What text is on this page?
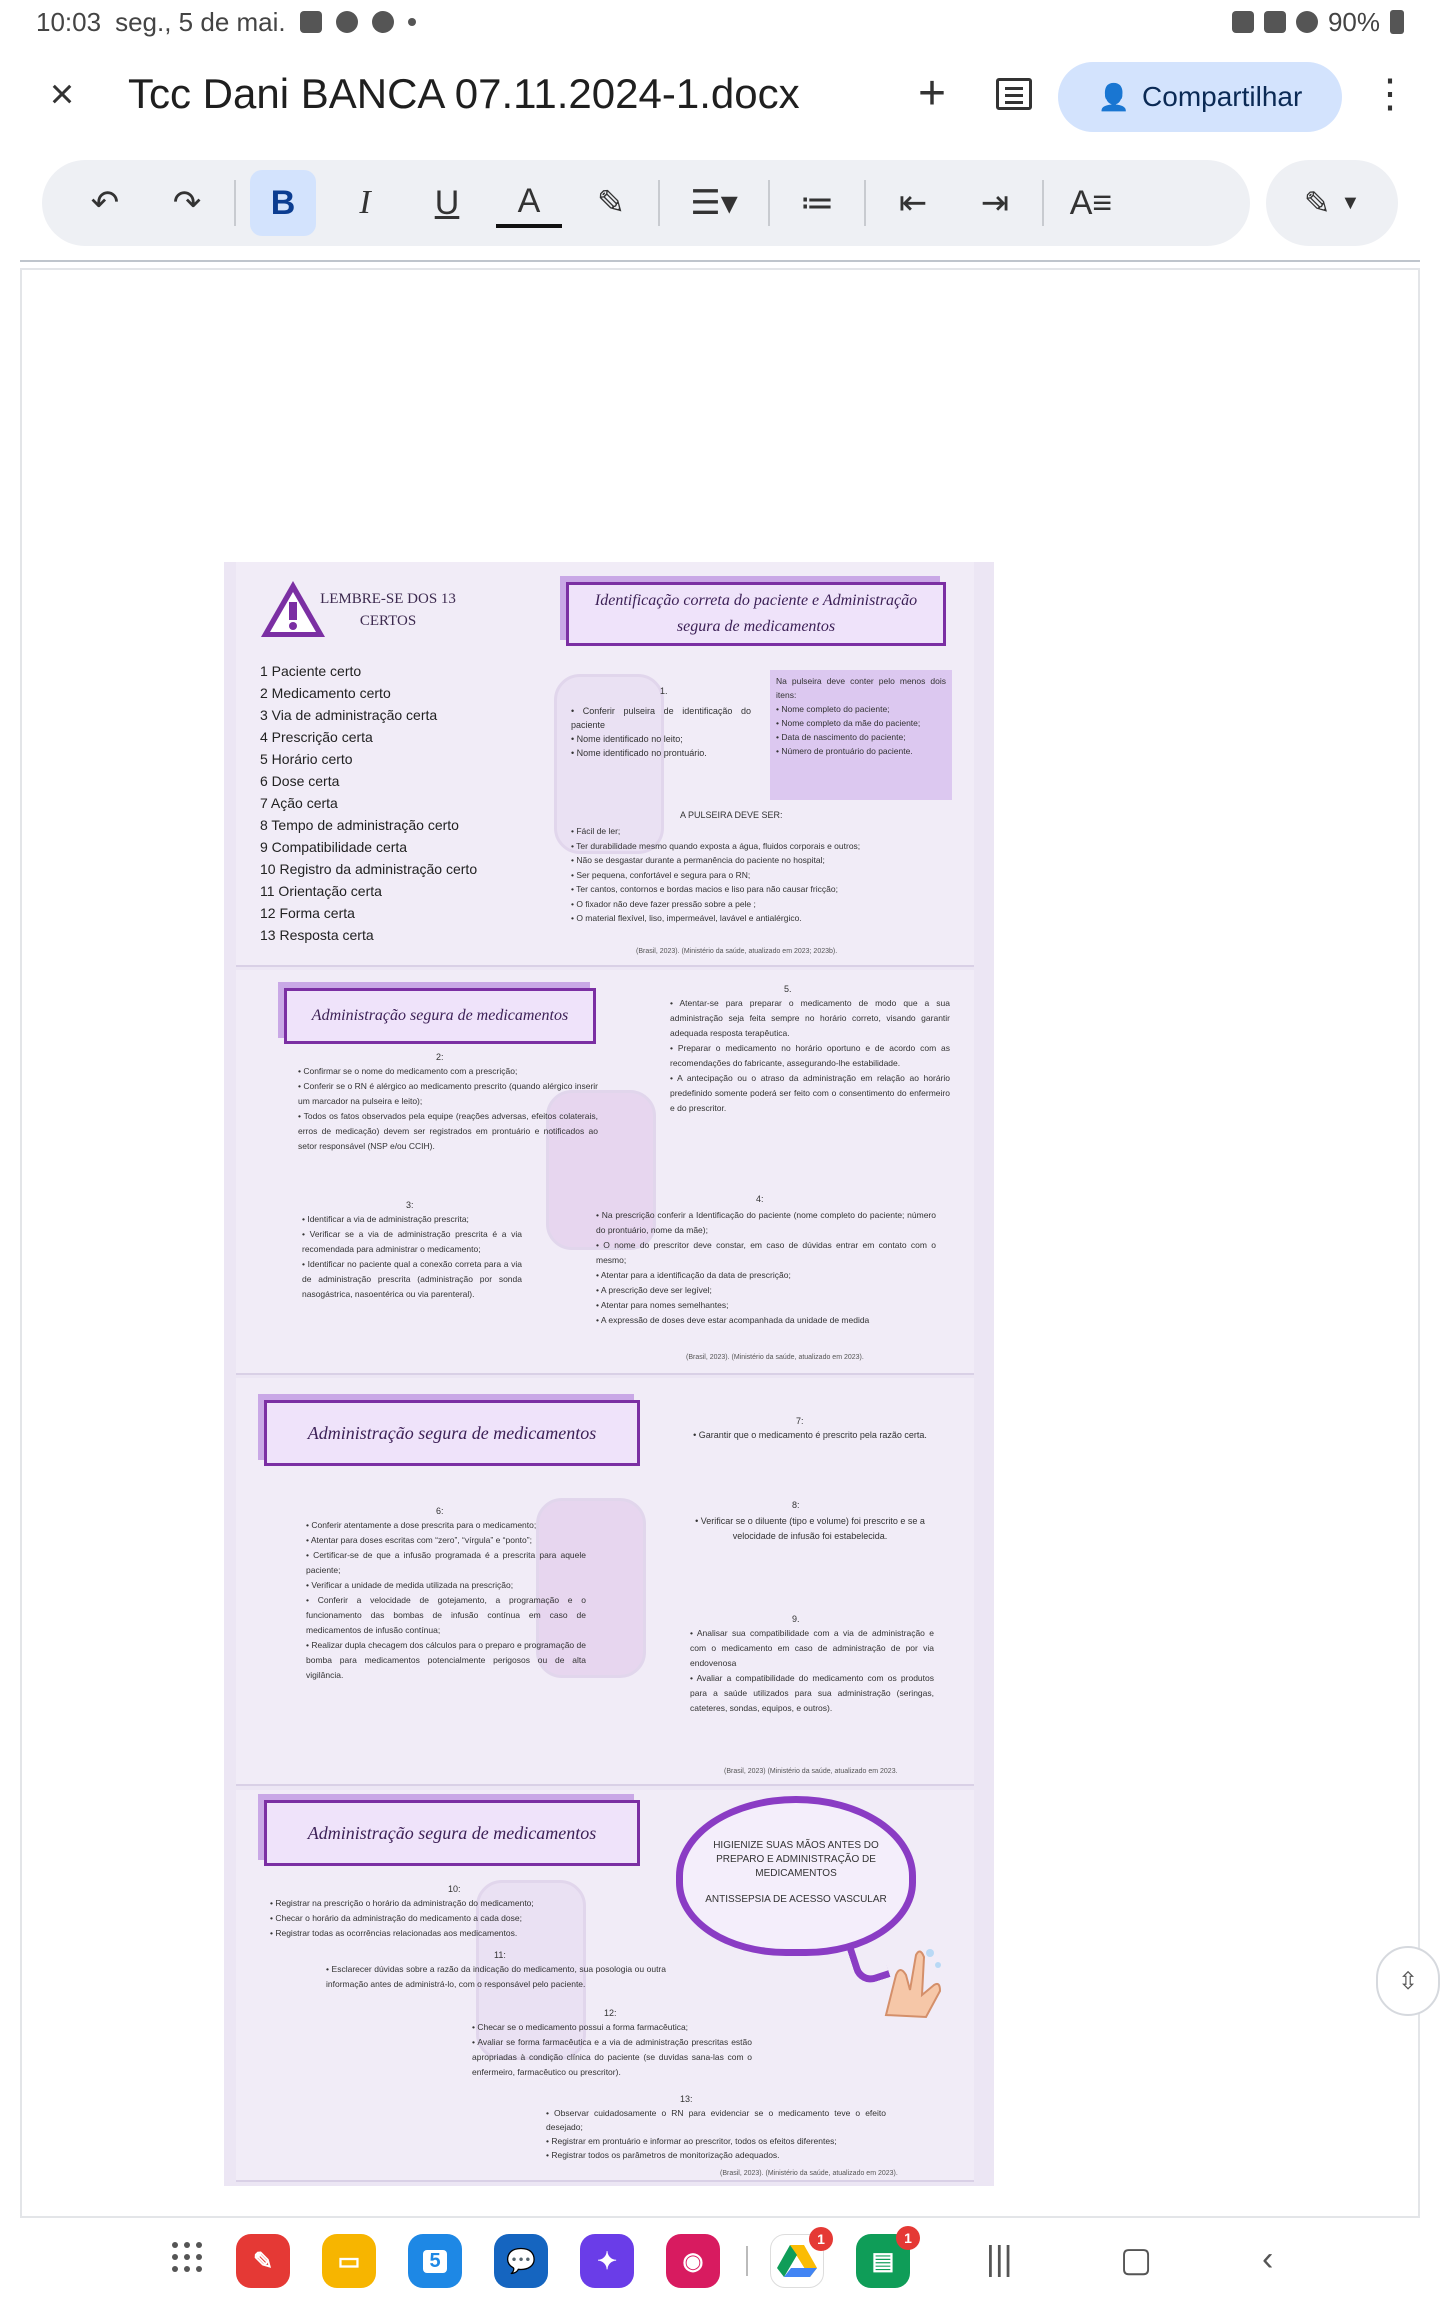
10:03 seg., 5 de mai.	90%
× Tcc Dani BANCA 07.11.2024-1.docx +	👤 Compartilhar ⋮
↶	↷	B	I	U	A	✎	☰▾	≔	⇤	⇥	A≡	✎ ▼
LEMBRE-SE DOS 13
CERTOS
Identificação correta do paciente e Administração segura de medicamentos
1 Paciente certo
2 Medicamento certo
3 Via de administração certa
4 Prescrição certa
5 Horário certo
6 Dose certa
7 Ação certa
8 Tempo de administração certo
9 Compatibilidade certa
10 Registro da administração certo
11 Orientação certa
12 Forma certa
13 Resposta certa
1.
• Conferir pulseira de identificação do paciente
• Nome identificado no leito;
• Nome identificado no prontuário.
Na pulseira deve conter pelo menos dois itens:
• Nome completo do paciente;
• Nome completo da mãe do paciente;
• Data de nascimento do paciente;
• Número de prontuário do paciente.
A PULSEIRA DEVE SER:
• Fácil de ler;
• Ter durabilidade mesmo quando exposta a água, fluidos corporais e outros;
• Não se desgastar durante a permanência do paciente no hospital;
• Ser pequena, confortável e segura para o RN;
• Ter cantos, contornos e bordas macios e liso para não causar fricção;
• O fixador não deve fazer pressão sobre a pele ;
• O material flexível, liso, impermeável, lavável e antialérgico.
(Brasil, 2023). (Ministério da saúde, atualizado em 2023; 2023b).
Administração segura de medicamentos
2:
• Confirmar se o nome do medicamento com a prescrição;
• Conferir se o RN é alérgico ao medicamento prescrito (quando alérgico inserir um marcador na pulseira e leito);
• Todos os fatos observados pela equipe (reações adversas, efeitos colaterais, erros de medicação) devem ser registrados em prontuário e notificados ao setor responsável (NSP e/ou CCIH).
3:
• Identificar a via de administração prescrita;
• Verificar se a via de administração prescrita é a via recomendada para administrar o medicamento;
• Identificar no paciente qual a conexão correta para a via de administração prescrita (administração por sonda nasogástrica, nasoentérica ou via parenteral).
5.
• Atentar-se para preparar o medicamento de modo que a sua administração seja feita sempre no horário correto, visando garantir adequada resposta terapêutica.
• Preparar o medicamento no horário oportuno e de acordo com as recomendações do fabricante, assegurando-lhe estabilidade.
• A antecipação ou o atraso da administração em relação ao horário predefinido somente poderá ser feito com o consentimento do enfermeiro e do prescritor.
4:
• Na prescrição conferir a Identificação do paciente (nome completo do paciente; número do prontuário, nome da mãe);
• O nome do prescritor deve constar, em caso de dúvidas entrar em contato com o mesmo;
• Atentar para a identificação da data de prescrição;
• A prescrição deve ser legível;
• Atentar para nomes semelhantes;
• A expressão de doses deve estar acompanhada da unidade de medida
(Brasil, 2023). (Ministério da saúde, atualizado em 2023).
Administração segura de medicamentos
7:
• Garantir que o medicamento é prescrito pela razão certa.
6:
• Conferir atentamente a dose prescrita para o medicamento;
• Atentar para doses escritas com “zero”, “vírgula” e “ponto”;
• Certificar-se de que a infusão programada é a prescrita para aquele paciente;
• Verificar a unidade de medida utilizada na prescrição;
• Conferir a velocidade de gotejamento, a programação e o funcionamento das bombas de infusão contínua em caso de medicamentos de infusão contínua;
• Realizar dupla checagem dos cálculos para o preparo e programação de bomba para medicamentos potencialmente perigosos ou de alta vigilância.
8:
• Verificar se o diluente (tipo e volume) foi prescrito e se a velocidade de infusão foi estabelecida.
9.
• Analisar sua compatibilidade com a via de administração e com o medicamento em caso de administração de por via endovenosa
• Avaliar a compatibilidade do medicamento com os produtos para a saúde utilizados para sua administração (seringas, cateteres, sondas, equipos, e outros).
(Brasil, 2023) (Ministério da saúde, atualizado em 2023.
Administração segura de medicamentos
HIGIENIZE SUAS MÃOS ANTES DO PREPARO E ADMINISTRAÇÃO DE MEDICAMENTOS
ANTISSEPSIA DE ACESSO VASCULAR
10:
• Registrar na prescrição o horário da administração do medicamento;
• Checar o horário da administração do medicamento a cada dose;
• Registrar todas as ocorrências relacionadas aos medicamentos.
11:
• Esclarecer dúvidas sobre a razão da indicação do medicamento, sua posologia ou outra informação antes de administrá-lo, com o responsável pelo paciente.
12:
• Checar se o medicamento possui a forma farmacêutica;
• Avaliar se forma farmacêutica e a via de administração prescritas estão apropriadas à condição clínica do paciente (se duvidas sana-las com o enfermeiro, farmacêutico ou prescritor).
13:
• Observar cuidadosamente o RN para evidenciar se o medicamento teve o efeito desejado;
• Registrar em prontuário e informar ao prescritor, todos os efeitos diferentes;
• Registrar todos os parâmetros de monitorização adequados.
(Brasil, 2023). (Ministério da saúde, atualizado em 2023).
⇳
✎	▭	5	💬	✦	◉
1
▤
1
|||	▢	‹
